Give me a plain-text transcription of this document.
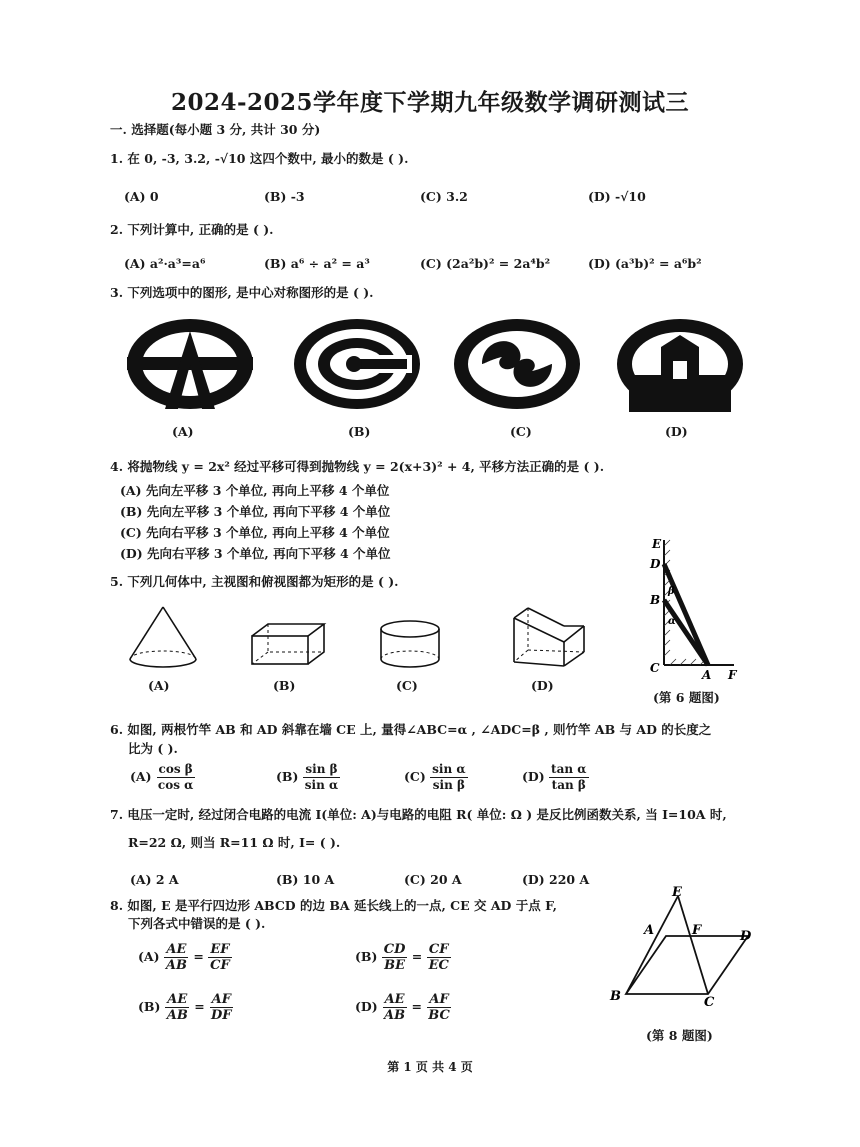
2024-2025学年度下学期九年级数学调研测试三
一. 选择题(每小题 3 分, 共计 30 分)
1. 在 0, -3, 3.2, -√10 这四个数中, 最小的数是 ( ).
(A) 0	(B) -3	(C) 3.2	(D) -√10
2. 下列计算中, 正确的是 ( ).
(A) a²·a³=a⁶	(B) a⁶ ÷ a² = a³	(C) (2a²b)² = 2a⁴b²	(D) (a³b)² = a⁶b²
3. 下列选项中的图形, 是中心对称图形的是 ( ).
(A)	(B)	(C)	(D)
4. 将抛物线 y = 2x² 经过平移可得到抛物线 y = 2(x+3)² + 4, 平移方法正确的是 ( ).
(A) 先向左平移 3 个单位, 再向上平移 4 个单位
(B) 先向左平移 3 个单位, 再向下平移 4 个单位
(C) 先向右平移 3 个单位, 再向上平移 4 个单位
(D) 先向右平移 3 个单位, 再向下平移 4 个单位
E
D
β
B
α
C	A F
(第 6 题图)
5. 下列几何体中, 主视图和俯视图都为矩形的是 ( ).
(A)	(B)	(C)	(D)
6. 如图, 两根竹竿 AB 和 AD 斜靠在墙 CE 上, 量得∠ABC=α , ∠ADC=β , 则竹竿 AB 与 AD 的长度之
比为 ( ).
$(A) \frac{\text{cos β}}{\text{cos α}}$	$(B) \frac{\text{sin β}}{\text{sin α}}$	$(C) \frac{\text{sin α}}{\text{sin β}}$	$(D) \frac{\text{tan α}}{\text{tan β}}$
7. 电压一定时, 经过闭合电路的电流 I(单位: A)与电路的电阻 R( 单位: Ω ) 是反比例函数关系, 当 I=10A 时,
R=22 Ω, 则当 R=11 Ω 时, I= ( ).
(A) 2 A	(B) 10 A	(C) 20 A	(D) 220 A
8. 如图, E 是平行四边形 ABCD 的边 BA 延长线上的一点, CE 交 AD 于点 F,
下列各式中错误的是 ( ).
$(A) \frac{AE}{AB} = \frac{EF}{CF}$	$(B) \frac{CD}{BE} = \frac{CF}{EC}$
$(B) \frac{AE}{AB} = \frac{AF}{DF}$	$(D) \frac{AE}{AB} = \frac{AF}{BC}$
E
A	F	D
B	C
(第 8 题图)
第 1 页 共 4 页
